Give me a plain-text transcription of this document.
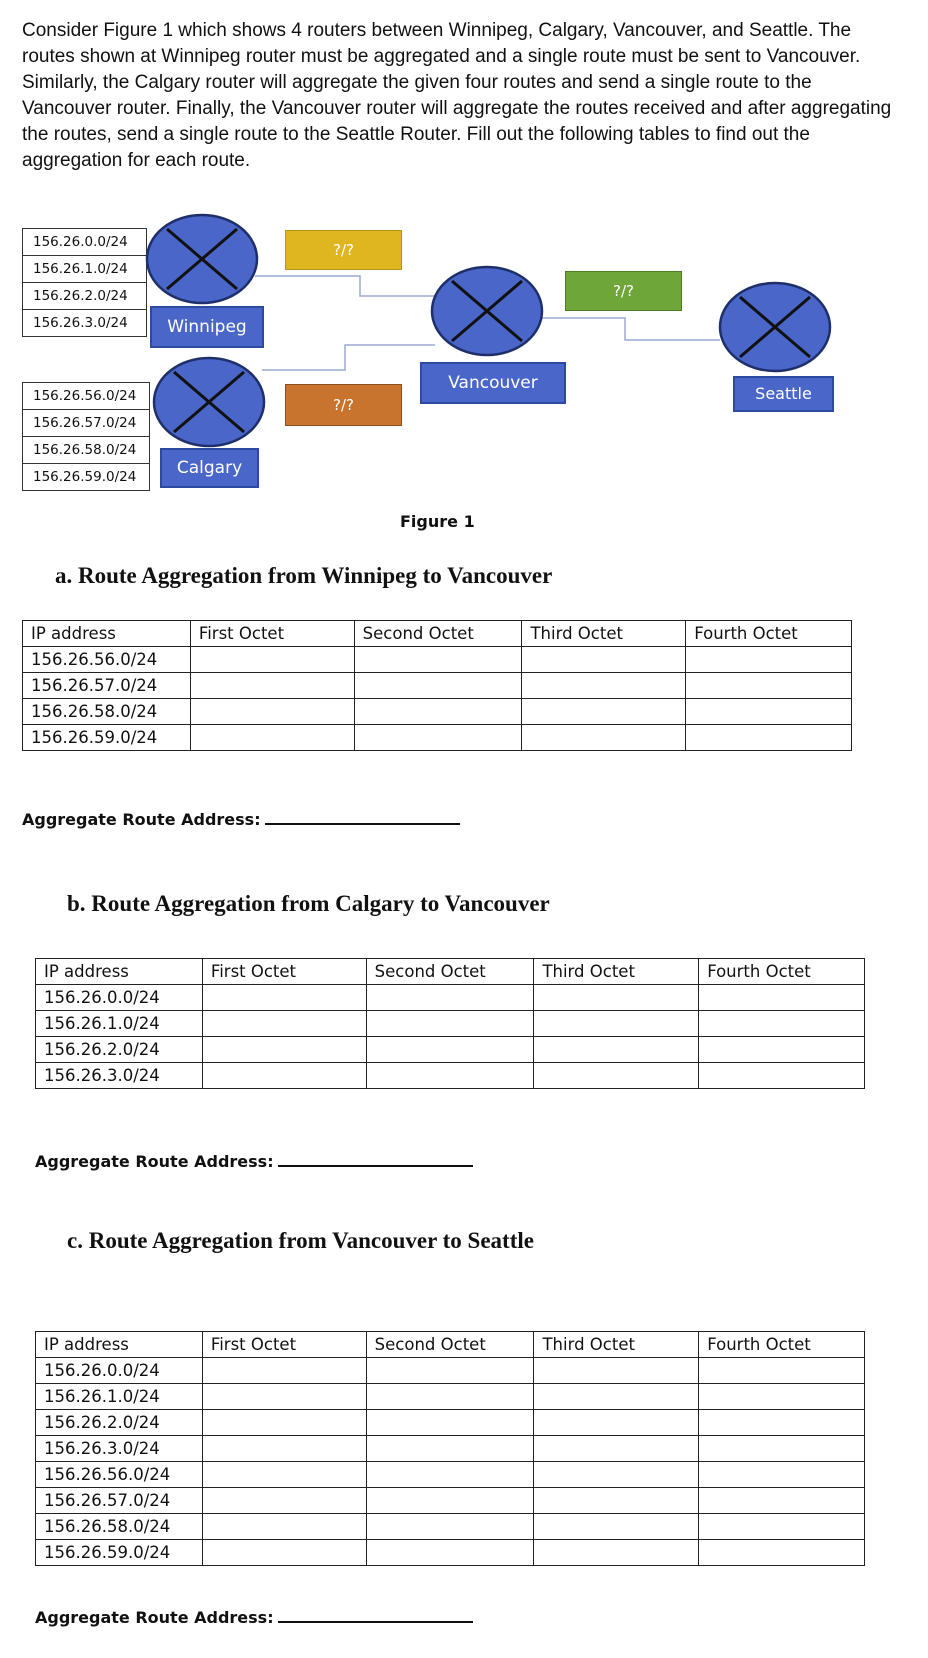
Consider Figure 1 which shows 4 routers between Winnipeg, Calgary, Vancouver, and Seattle. The routes shown at Winnipeg router must be aggregated and a single route must be sent to Vancouver. Similarly, the Calgary router will aggregate the given four routes and send a single route to the Vancouver router. Finally, the Vancouver router will aggregate the routes received and after aggregating the routes, send a single route to the Seattle Router. Fill out the following tables to find out the aggregation for each route.

156.26.0.0/24
156.26.1.0/24
156.26.2.0/24
156.26.3.0/24
156.26.56.0/24
156.26.57.0/24
156.26.58.0/24
156.26.59.0/24
Winnipeg
Calgary
Vancouver
Seattle
?/?
?/?
?/?
Figure 1
a. Route Aggregation from Winnipeg to Vancouver
IP address	First Octet	Second Octet	Third Octet	Fourth Octet
156.26.56.0/24				
156.26.57.0/24				
156.26.58.0/24				
156.26.59.0/24				
Aggregate Route Address:
b. Route Aggregation from Calgary to Vancouver
IP address	First Octet	Second Octet	Third Octet	Fourth Octet
156.26.0.0/24				
156.26.1.0/24				
156.26.2.0/24				
156.26.3.0/24				
Aggregate Route Address:
c. Route Aggregation from Vancouver to Seattle
IP address	First Octet	Second Octet	Third Octet	Fourth Octet
156.26.0.0/24				
156.26.1.0/24				
156.26.2.0/24				
156.26.3.0/24				
156.26.56.0/24				
156.26.57.0/24				
156.26.58.0/24				
156.26.59.0/24				
Aggregate Route Address:
